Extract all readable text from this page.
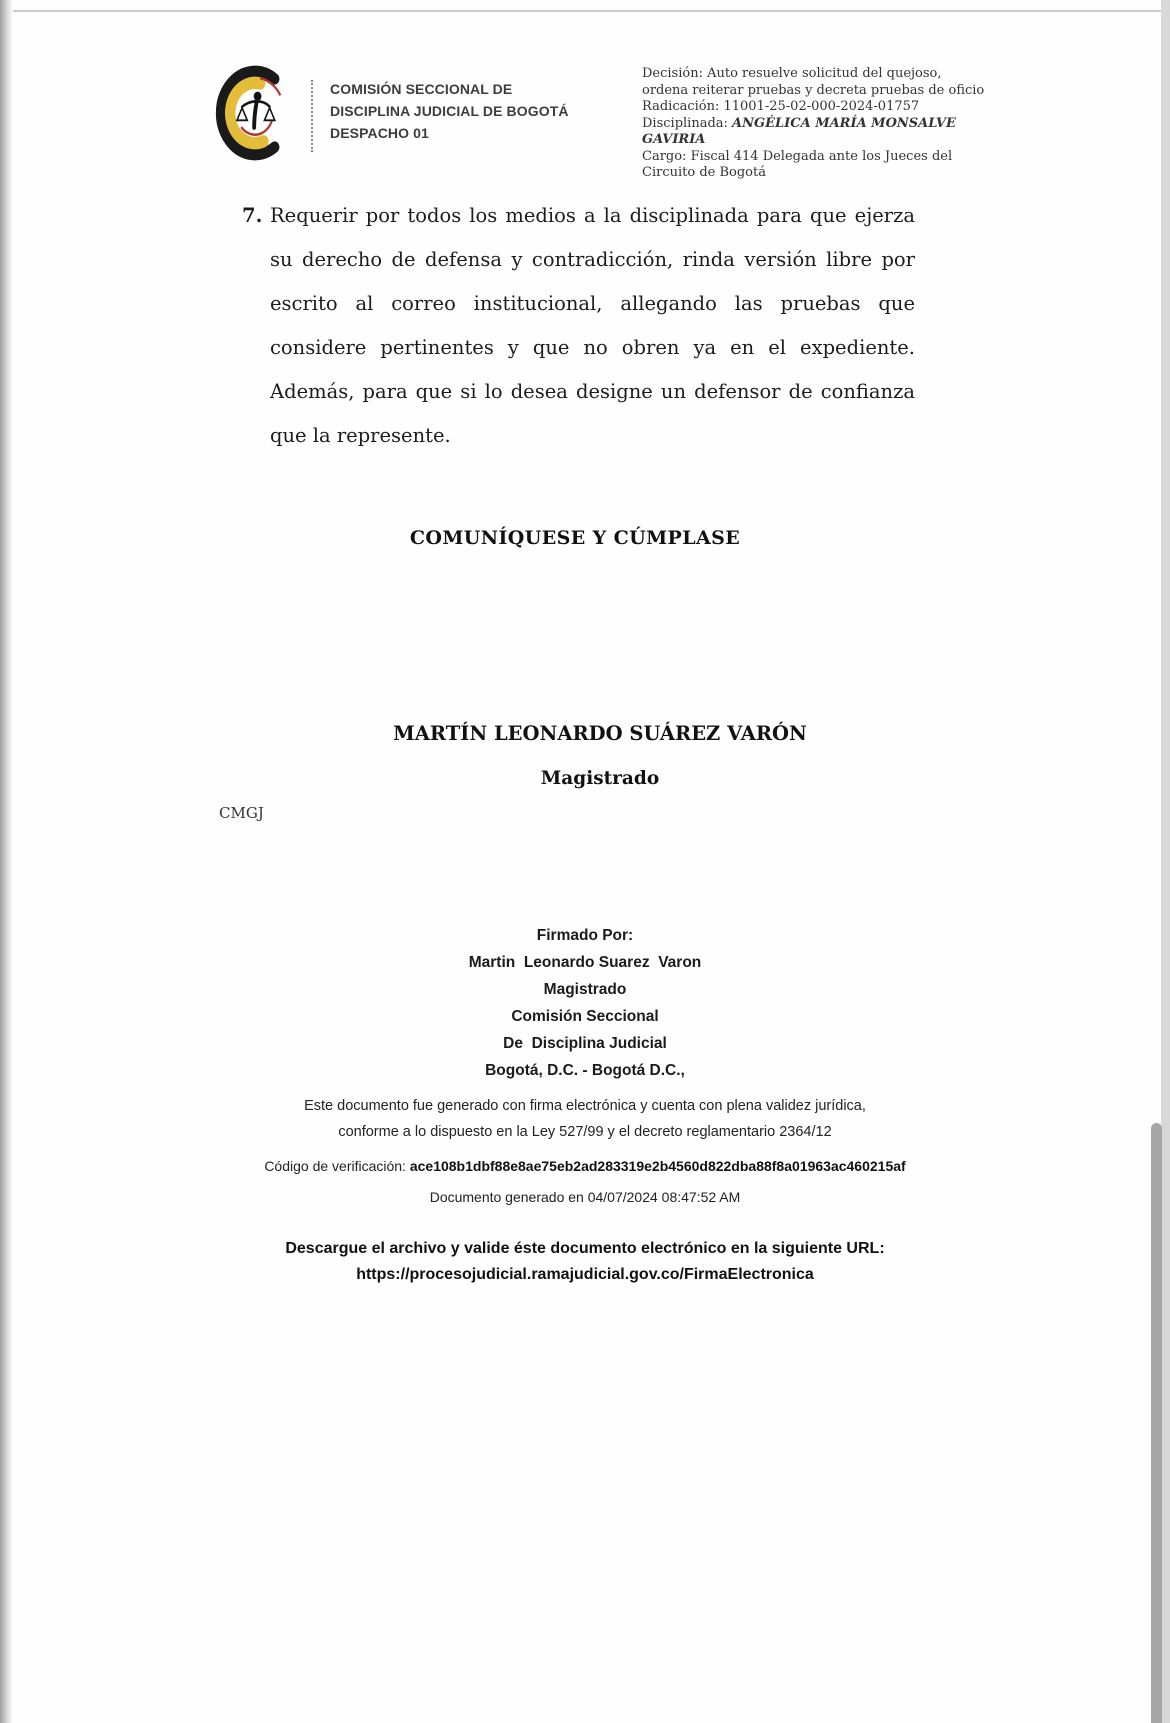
COMISIÓN SECCIONAL DE
DISCIPLINA JUDICIAL DE BOGOTÁ
DESPACHO 01
Decisión: Auto resuelve solicitud del quejoso,
ordena reiterar pruebas y decreta pruebas de oficio
Radicación: 11001-25-02-000-2024-01757
Disciplinada: ANGÉLICA MARÍA MONSALVE
GAVIRIA
Cargo: Fiscal 414 Delegada ante los Jueces del
Circuito de Bogotá
7. Requerir por todos los medios a la disciplinada para que ejerza su derecho de defensa y contradicción, rinda versión libre por escrito al correo institucional, allegando las pruebas que considere pertinentes y que no obren ya en el expediente. Además, para que si lo desea designe un defensor de confianza que la represente.
COMUNÍQUESE Y CÚMPLASE
MARTÍN LEONARDO SUÁREZ VARÓN
Magistrado
CMGJ
Firmado Por:
Martin  Leonardo Suarez  Varon
Magistrado
Comisión Seccional
De  Disciplina Judicial
Bogotá, D.C. - Bogotá D.C.,
Este documento fue generado con firma electrónica y cuenta con plena validez jurídica,
conforme a lo dispuesto en la Ley 527/99 y el decreto reglamentario 2364/12
Código de verificación: ace108b1dbf88e8ae75eb2ad283319e2b4560d822dba88f8a01963ac460215af
Documento generado en 04/07/2024 08:47:52 AM
Descargue el archivo y valide éste documento electrónico en la siguiente URL:
https://procesojudicial.ramajudicial.gov.co/FirmaElectronica
